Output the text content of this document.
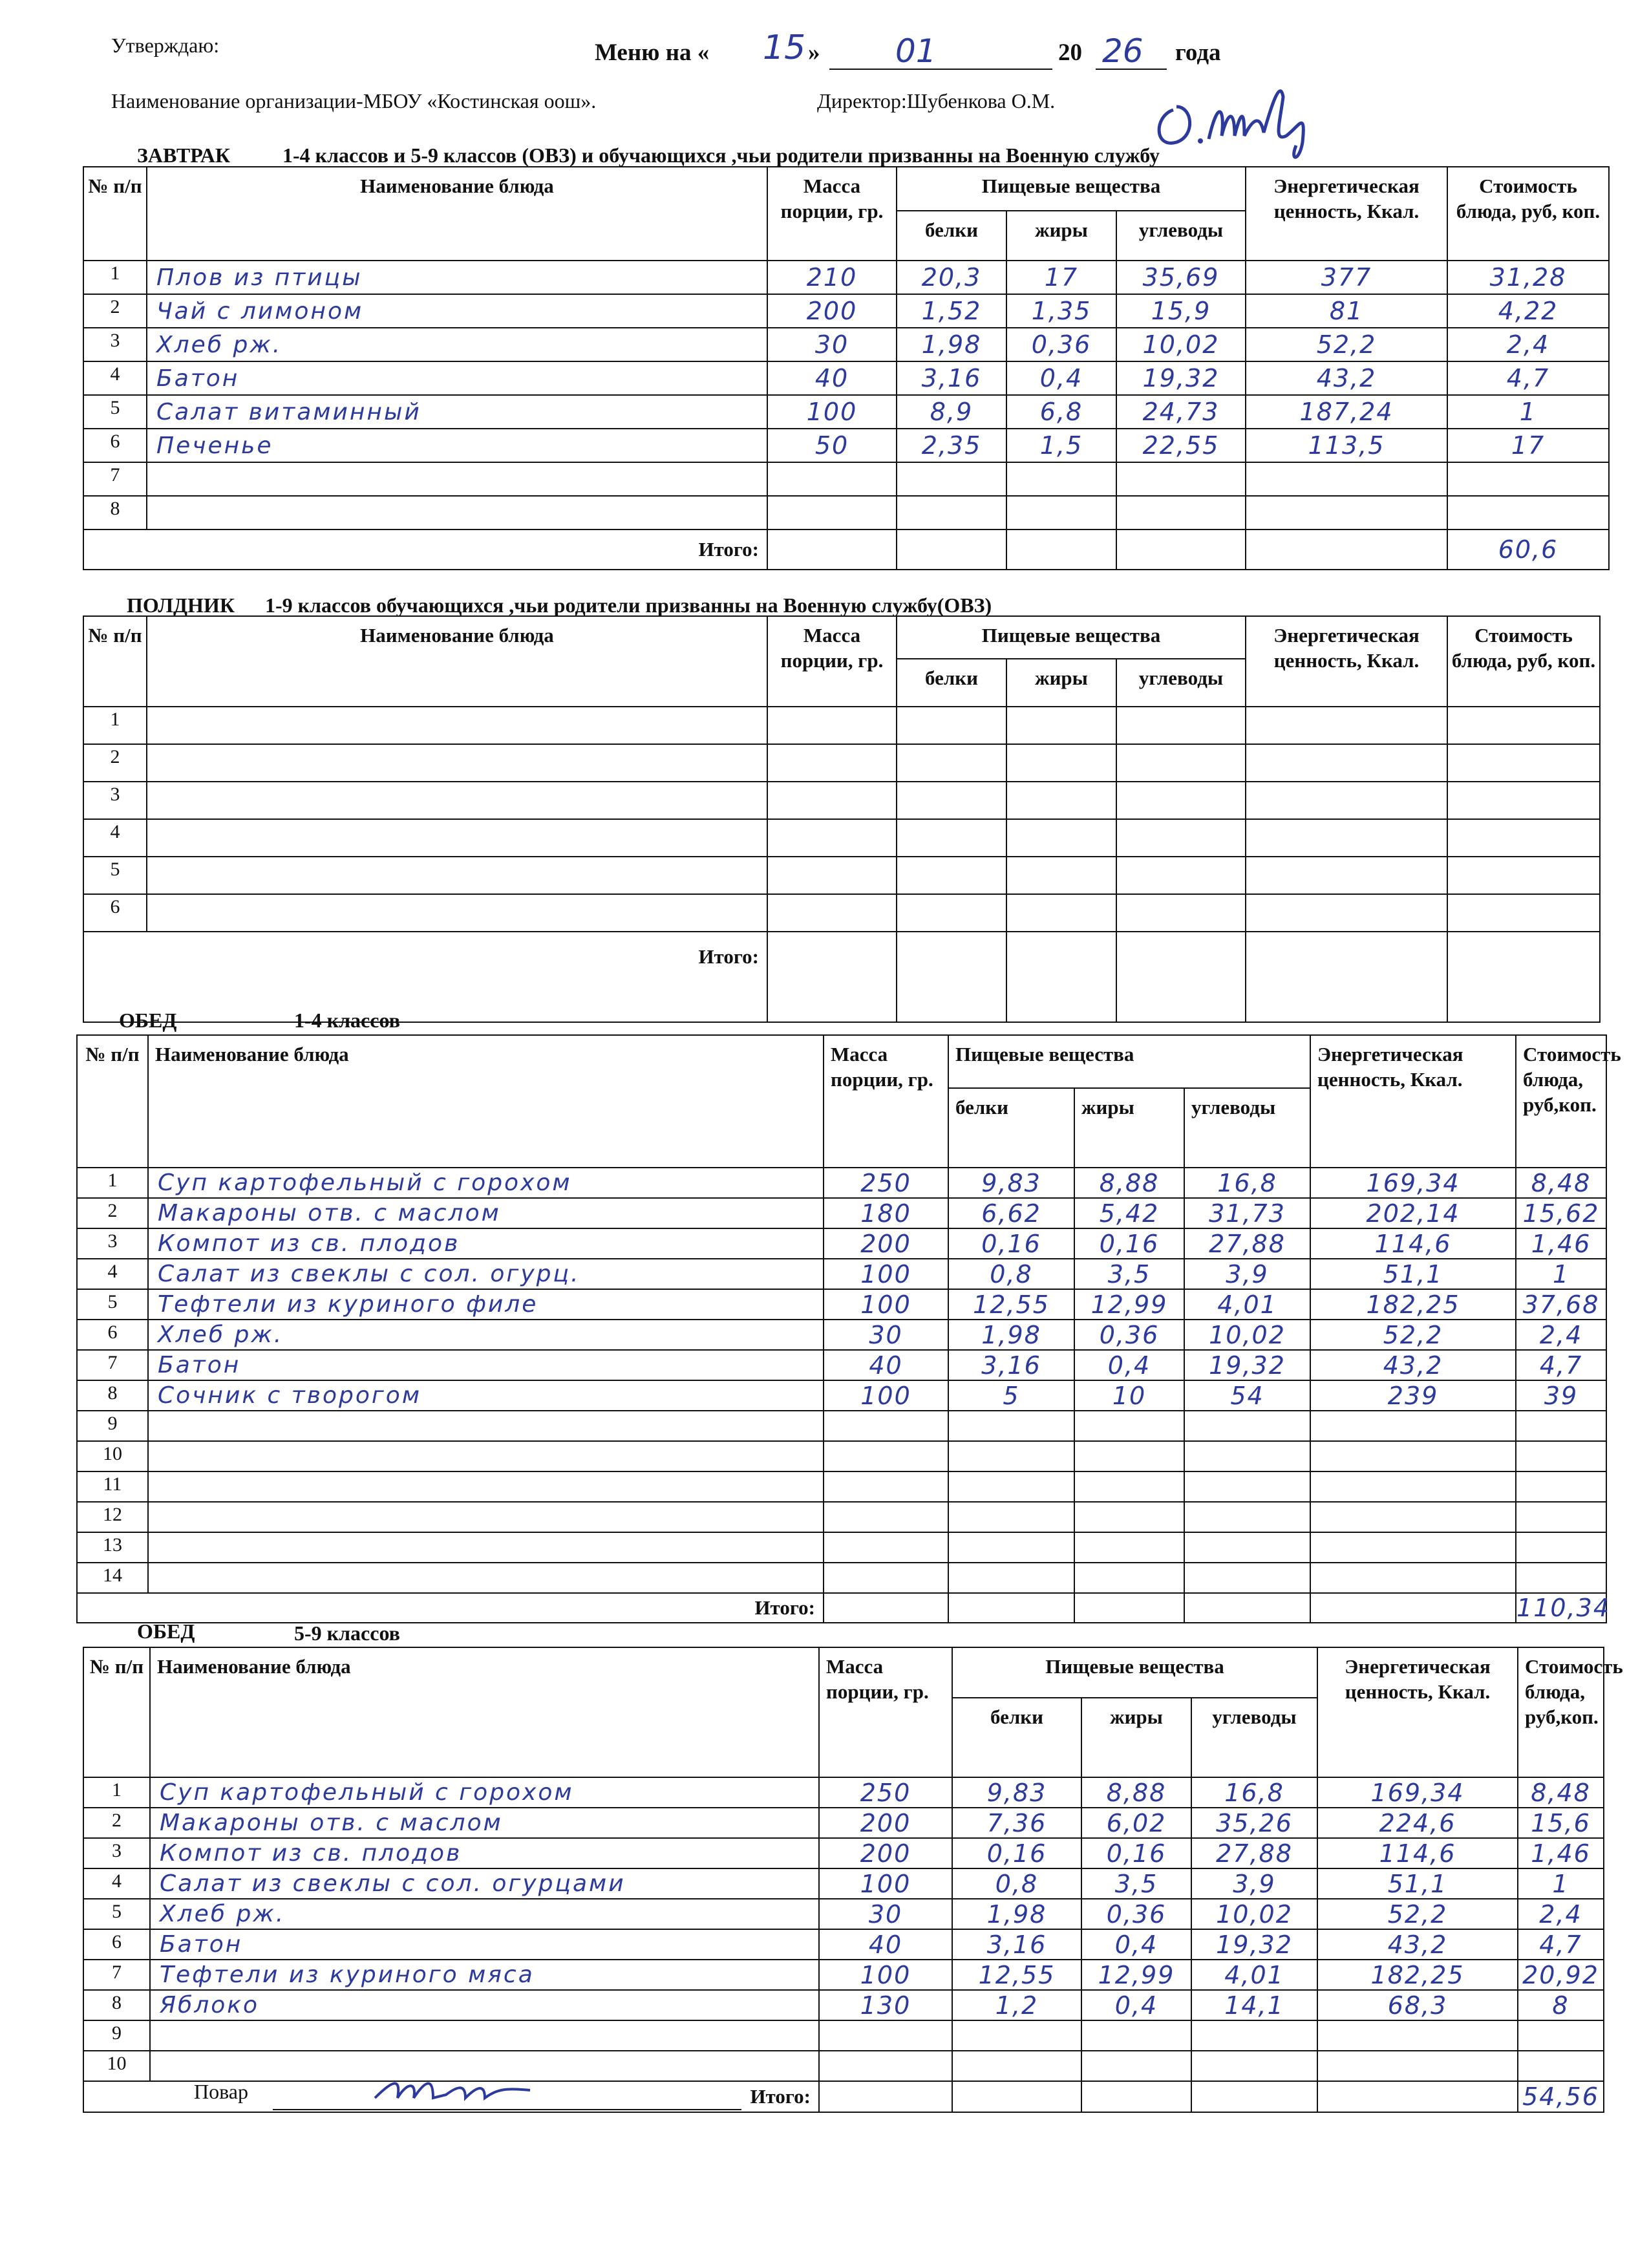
Утверждаю:	Меню на « 15 » 01	20 26 года
Наименование организации-МБОУ «Костинская оош».	Директор:Шубенкова О.М.
ЗАВТРАК	1-4 классов и 5-9 классов (ОВЗ) и обучающихся ,чьи родители призванны на Военную службу
№ п/п	Наименование блюда	Масса порции, гр.	Пищевые вещества			Энергетическая ценность, Ккал.	Стоимость блюда, руб, коп.
			белки	жиры	углеводы		
1	Плов из птицы	210	20,3	17	35,69	377	31,28
2	Чай с лимоном	200	1,52	1,35	15,9	81	4,22
3	Хлеб рж.	30	1,98	0,36	10,02	52,2	2,4
4	Батон	40	3,16	0,4	19,32	43,2	4,7
5	Салат витаминный	100	8,9	6,8	24,73	187,24	1
6	Печенье	50	2,35	1,5	22,55	113,5	17
7							
8							
Итого:							60,6
ПОЛДНИК 1-9 классов обучающихся ,чьи родители призванны на Военную службу(ОВЗ)
№ п/п	Наименование блюда	Масса порции, гр.	Пищевые вещества			Энергетическая ценность, Ккал.	Стоимость блюда, руб, коп.
			белки	жиры	углеводы		
1							
2							
3							
4							
5							
6							
Итого:							
ОБЕД	1-4 классов
№ п/п	Наименование блюда	Масса порции, гр.	Пищевые вещества			Энергетическая ценность, Ккал.	Стоимость блюда, руб,коп.
			белки	жиры	углеводы		
1	Суп картофельный с горохом	250	9,83	8,88	16,8	169,34	8,48
2	Макароны отв. с маслом	180	6,62	5,42	31,73	202,14	15,62
3	Компот из св. плодов	200	0,16	0,16	27,88	114,6	1,46
4	Салат из свеклы с сол. огурц.	100	0,8	3,5	3,9	51,1	1
5	Тефтели из куриного филе	100	12,55	12,99	4,01	182,25	37,68
6	Хлеб рж.	30	1,98	0,36	10,02	52,2	2,4
7	Батон	40	3,16	0,4	19,32	43,2	4,7
8	Сочник с творогом	100	5	10	54	239	39
9							
10							
11							
12							
13							
14							
Итого:							110,34
ОБЕД	5-9 классов
№ п/п	Наименование блюда	Масса порции, гр.	Пищевые вещества			Энергетическая ценность, Ккал.	Стоимость блюда, руб,коп.
			белки	жиры	углеводы		
1	Суп картофельный с горохом	250	9,83	8,88	16,8	169,34	8,48
2	Макароны отв. с маслом	200	7,36	6,02	35,26	224,6	15,6
3	Компот из св. плодов	200	0,16	0,16	27,88	114,6	1,46
4	Салат из свеклы с сол. огурцами	100	0,8	3,5	3,9	51,1	1
5	Хлеб рж.	30	1,98	0,36	10,02	52,2	2,4
6	Батон	40	3,16	0,4	19,32	43,2	4,7
7	Тефтели из куриного мяса	100	12,55	12,99	4,01	182,25	20,92
8	Яблоко	130	1,2	0,4	14,1	68,3	8
9							
10							
Итого:							54,56
Повар
